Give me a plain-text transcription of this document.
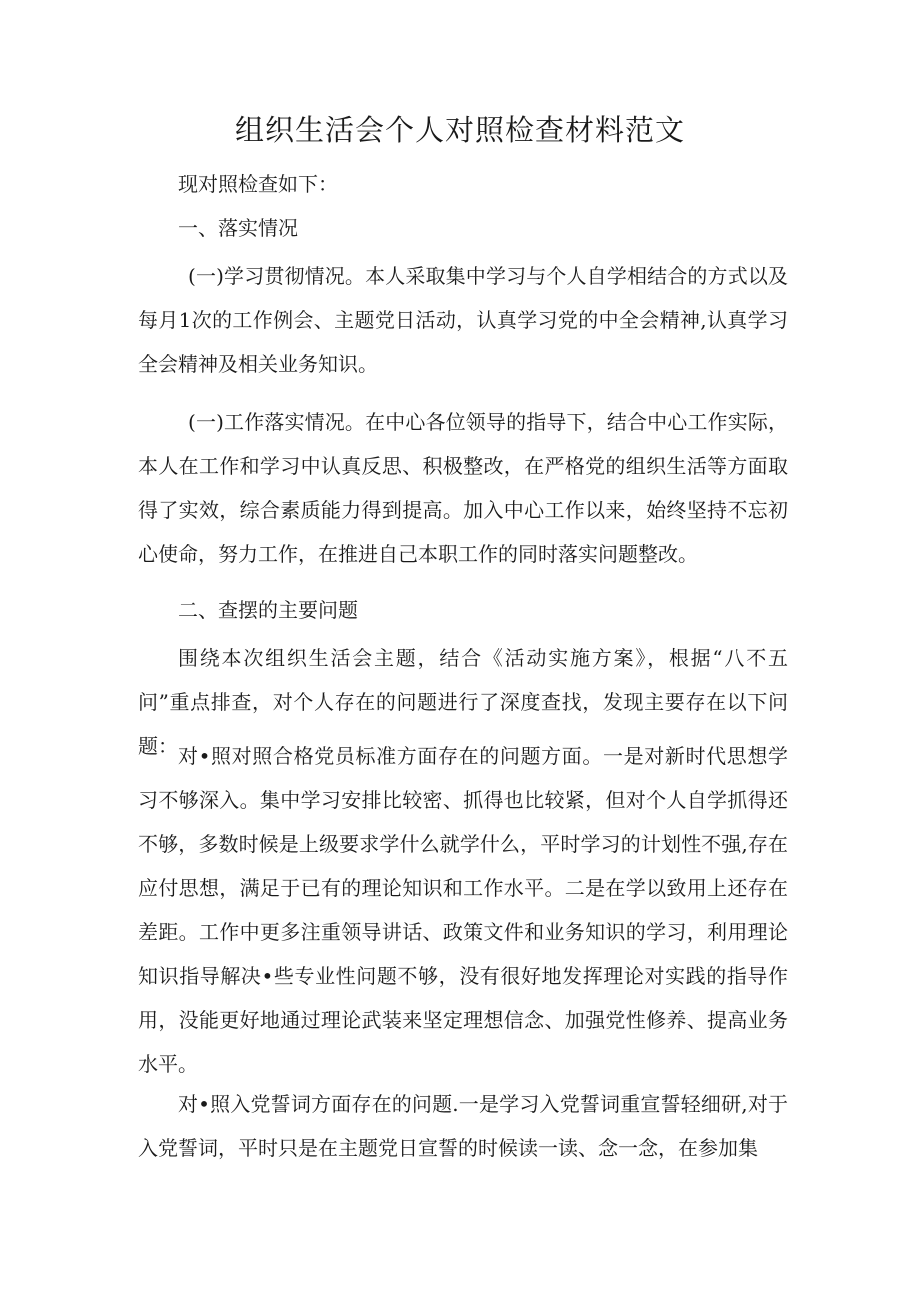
组织生活会个人对照检查材料范文

现对照检查如下：

一、落实情况

(一)学习贯彻情况。本人采取集中学习与个人自学相结合的方式以及每月1次的工作例会、主题党日活动，认真学习党的中全会精神,认真学习全会精神及相关业务知识。

(一)工作落实情况。在中心各位领导的指导下，结合中心工作实际，本人在工作和学习中认真反思、积极整改，在严格党的组织生活等方面取得了实效，综合素质能力得到提高。加入中心工作以来，始终坚持不忘初心使命，努力工作，在推进自己本职工作的同时落实问题整改。

二、查摆的主要问题

围绕本次组织生活会主题，结合《活动实施方案》，根据“八不五问”重点排查，对个人存在的问题进行了深度查找，发现主要存在以下问题： 对•照对照合格党员标准方面存在的问题方面。一是对新时代思想学习不够深入。集中学习安排比较密、抓得也比较紧，但对个人自学抓得还不够，多数时候是上级要求学什么就学什么，平时学习的计划性不强,存在应付思想，满足于已有的理论知识和工作水平。二是在学以致用上还存在差距。工作中更多注重领导讲话、政策文件和业务知识的学习，利用理论知识指导解决•些专业性问题不够，没有很好地发挥理论对实践的指导作用，没能更好地通过理论武装来坚定理想信念、加强党性修养、提高业务水平。

对•照入党誓词方面存在的问题.一是学习入党誓词重宣誓轻细研,对于入党誓词，平时只是在主题党日宣誓的时候读一读、念一念，在参加集
